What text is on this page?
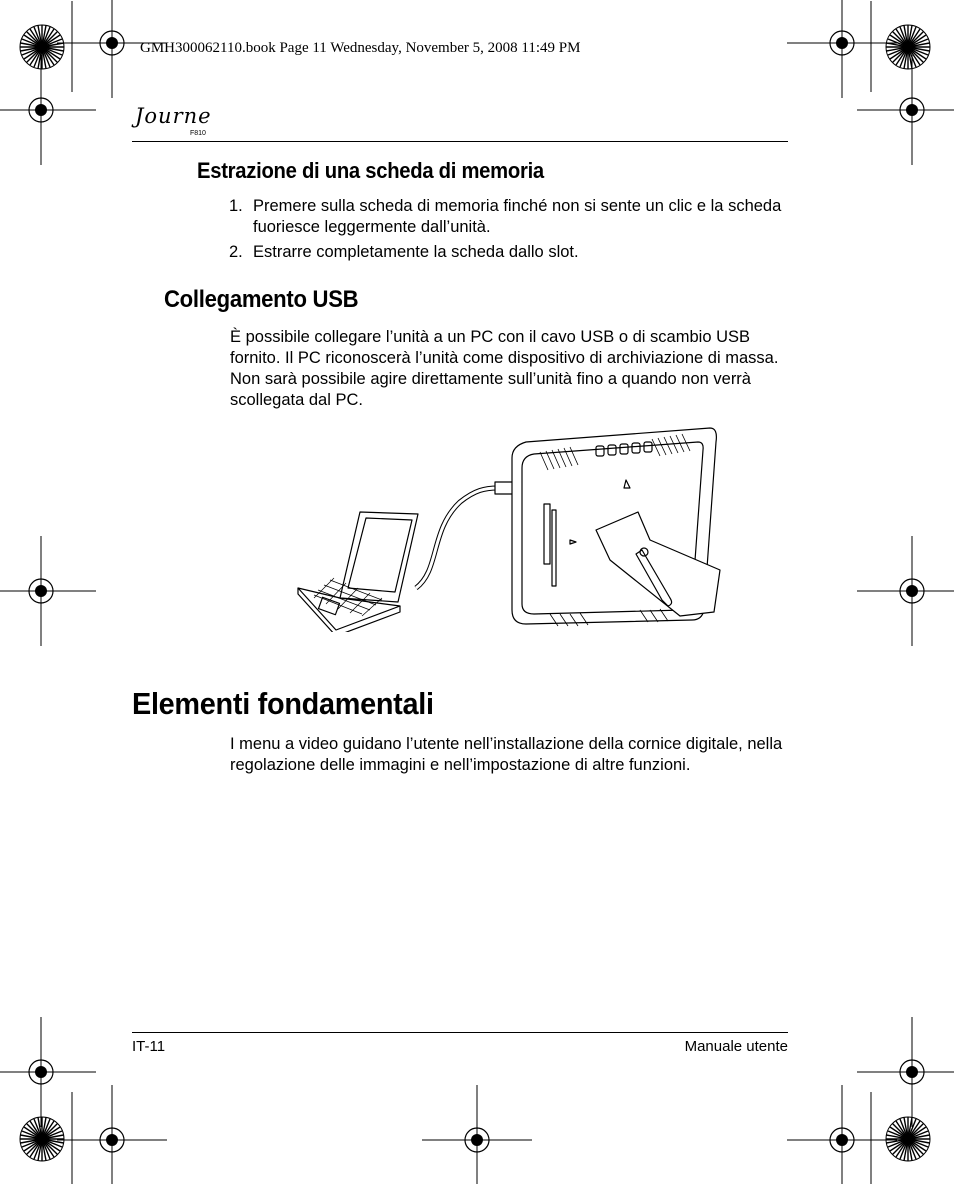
GMH300062110.book Page 11 Wednesday, November 5, 2008 11:49 PM
Journe
F810
Estrazione di una scheda di memoria
1. Premere sulla scheda di memoria finché non si sente un clic e la scheda fuoriesce leggermente dall’unità.
2. Estrarre completamente la scheda dallo slot.
Collegamento USB

È possibile collegare l’unità a un PC con il cavo USB o di scambio USB fornito. Il PC riconoscerà l’unità come dispositivo di archiviazione di massa. Non sarà possibile agire direttamente sull’unità fino a quando non verrà scollegata dal PC.

Elementi fondamentali

I menu a video guidano l’utente nell’installazione della cornice digitale, nella regolazione delle immagini e nell’impostazione di altre funzioni.

IT-11	Manuale utente
